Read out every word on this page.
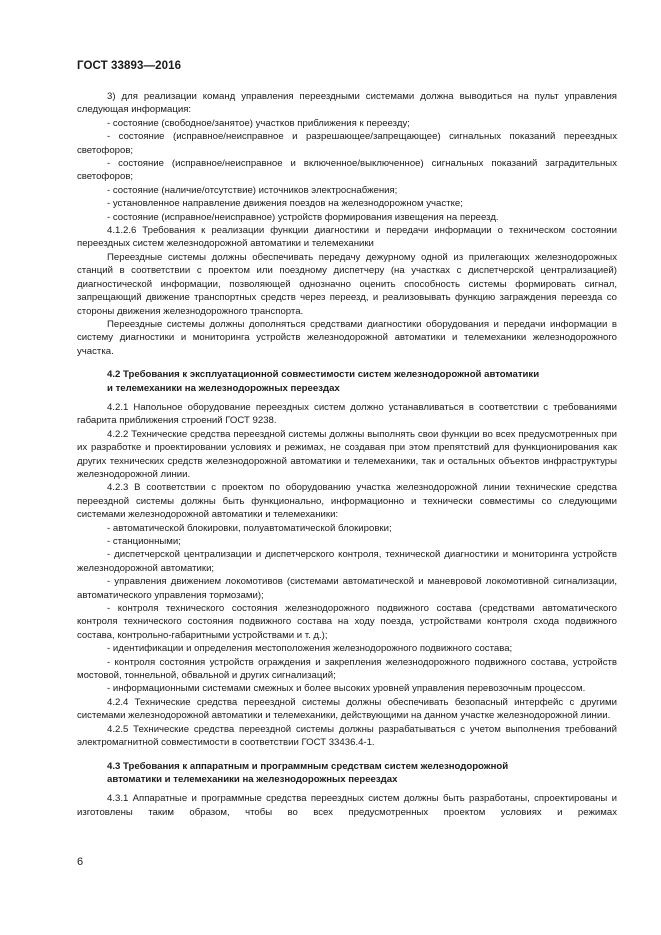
ГОСТ 33893—2016

3) для реализации команд управления переездными системами должна выводиться на пульт управления следующая информация:

- состояние (свободное/занятое) участков приближения к переезду;

- состояние (исправное/неисправное и разрешающее/запрещающее) сигнальных показаний переездных светофоров;

- состояние (исправное/неисправное и включенное/выключенное) сигнальных показаний заградительных светофоров;

- состояние (наличие/отсутствие) источников электроснабжения;

- установленное направление движения поездов на железнодорожном участке;

- состояние (исправное/неисправное) устройств формирования извещения на переезд.

4.1.2.6 Требования к реализации функции диагностики и передачи информации о техническом состоянии переездных систем железнодорожной автоматики и телемеханики

Переездные системы должны обеспечивать передачу дежурному одной из прилегающих железнодорожных станций в соответствии с проектом или поездному диспетчеру (на участках с диспетчерской централизацией) диагностической информации, позволяющей однозначно оценить способность системы формировать сигнал, запрещающий движение транспортных средств через переезд, и реализовывать функцию заграждения переезда со стороны движения железнодорожного транспорта.

Переездные системы должны дополняться средствами диагностики оборудования и передачи информации в систему диагностики и мониторинга устройств железнодорожной автоматики и телемеханики железнодорожного участка.

4.2 Требования к эксплуатационной совместимости систем железнодорожной автоматики
и телемеханики на железнодорожных переездах

4.2.1 Напольное оборудование переездных систем должно устанавливаться в соответствии с требованиями габарита приближения строений ГОСТ 9238.

4.2.2 Технические средства переездной системы должны выполнять свои функции во всех предусмотренных при их разработке и проектировании условиях и режимах, не создавая при этом препятствий для функционирования как других технических средств железнодорожной автоматики и телемеханики, так и остальных объектов инфраструктуры железнодорожной линии.

4.2.3 В соответствии с проектом по оборудованию участка железнодорожной линии технические средства переездной системы должны быть функционально, информационно и технически совместимы со следующими системами железнодорожной автоматики и телемеханики:

- автоматической блокировки, полуавтоматической блокировки;

- станционными;

- диспетчерской централизации и диспетчерского контроля, технической диагностики и мониторинга устройств железнодорожной автоматики;

- управления движением локомотивов (системами автоматической и маневровой локомотивной сигнализации, автоматического управления тормозами);

- контроля технического состояния железнодорожного подвижного состава (средствами автоматического контроля технического состояния подвижного состава на ходу поезда, устройствами контроля схода подвижного состава, контрольно-габаритными устройствами и т. д.);

- идентификации и определения местоположения железнодорожного подвижного состава;

- контроля состояния устройств ограждения и закрепления железнодорожного подвижного состава, устройств мостовой, тоннельной, обвальной и других сигнализаций;

- информационными системами смежных и более высоких уровней управления перевозочным процессом.

4.2.4 Технические средства переездной системы должны обеспечивать безопасный интерфейс с другими системами железнодорожной автоматики и телемеханики, действующими на данном участке железнодорожной линии.

4.2.5 Технические средства переездной системы должны разрабатываться с учетом выполнения требований электромагнитной совместимости в соответствии ГОСТ 33436.4-1.

4.3 Требования к аппаратным и программным средствам систем железнодорожной
автоматики и телемеханики на железнодорожных переездах

4.3.1 Аппаратные и программные средства переездных систем должны быть разработаны, спроектированы и изготовлены таким образом, чтобы во всех предусмотренных проектом условиях и режимах

6
